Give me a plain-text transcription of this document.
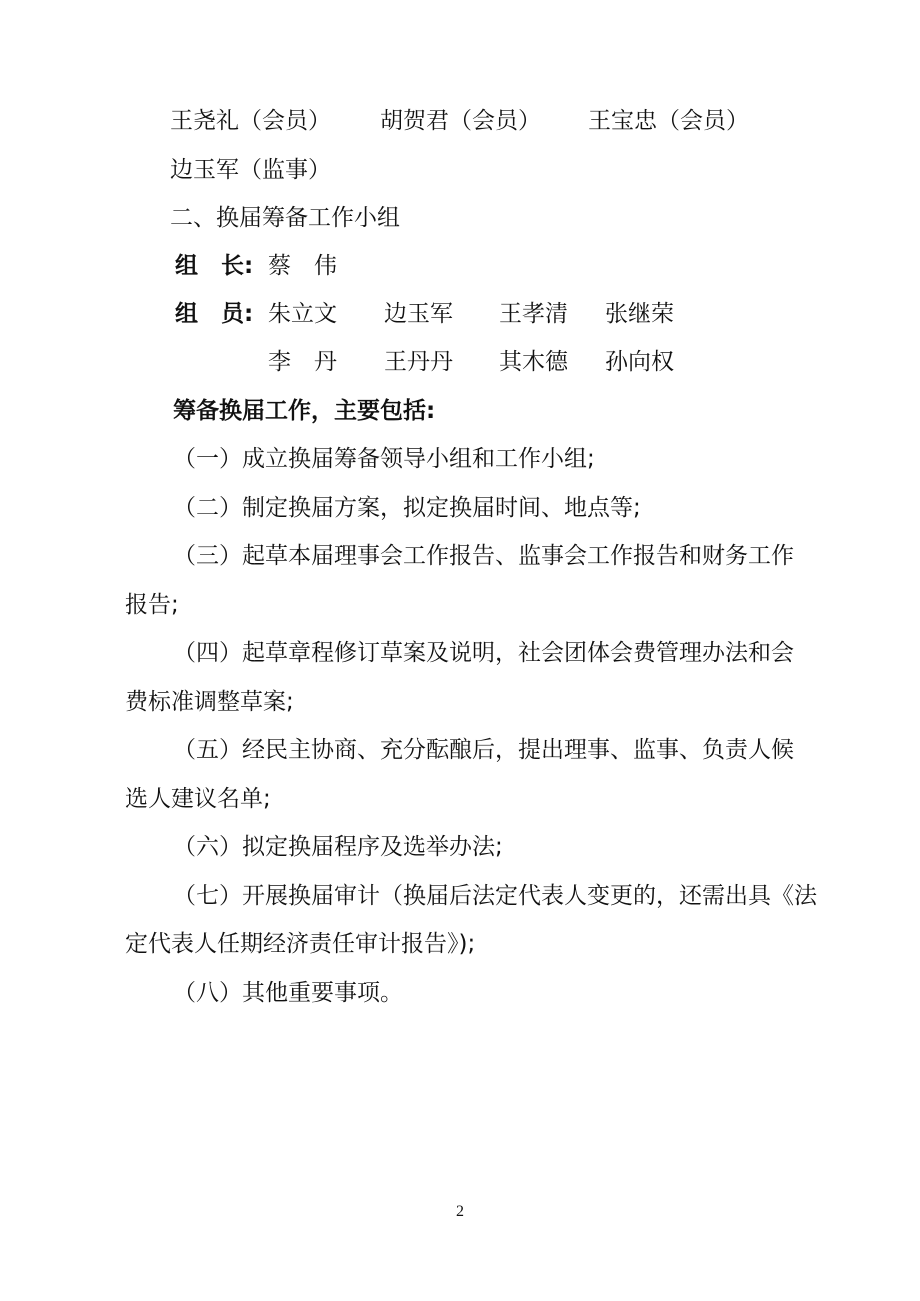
王尧礼（会员） 胡贺君（会员） 王宝忠（会员）
边玉军（监事）
二、换届筹备工作小组
组　长: 蔡　伟
组　员: 朱立文 边玉军 王孝清 张继荣
李　丹 王丹丹 其木德 孙向权
筹备换届工作，主要包括:
（一）成立换届筹备领导小组和工作小组;
（二）制定换届方案，拟定换届时间、地点等;
（三）起草本届理事会工作报告、监事会工作报告和财务工作
报告;
（四）起草章程修订草案及说明，社会团体会费管理办法和会
费标准调整草案;
（五）经民主协商、充分酝酿后，提出理事、监事、负责人候
选人建议名单;
（六）拟定换届程序及选举办法;
（七）开展换届审计（换届后法定代表人变更的，还需出具《法
定代表人任期经济责任审计报告》);
（八）其他重要事项。
2
